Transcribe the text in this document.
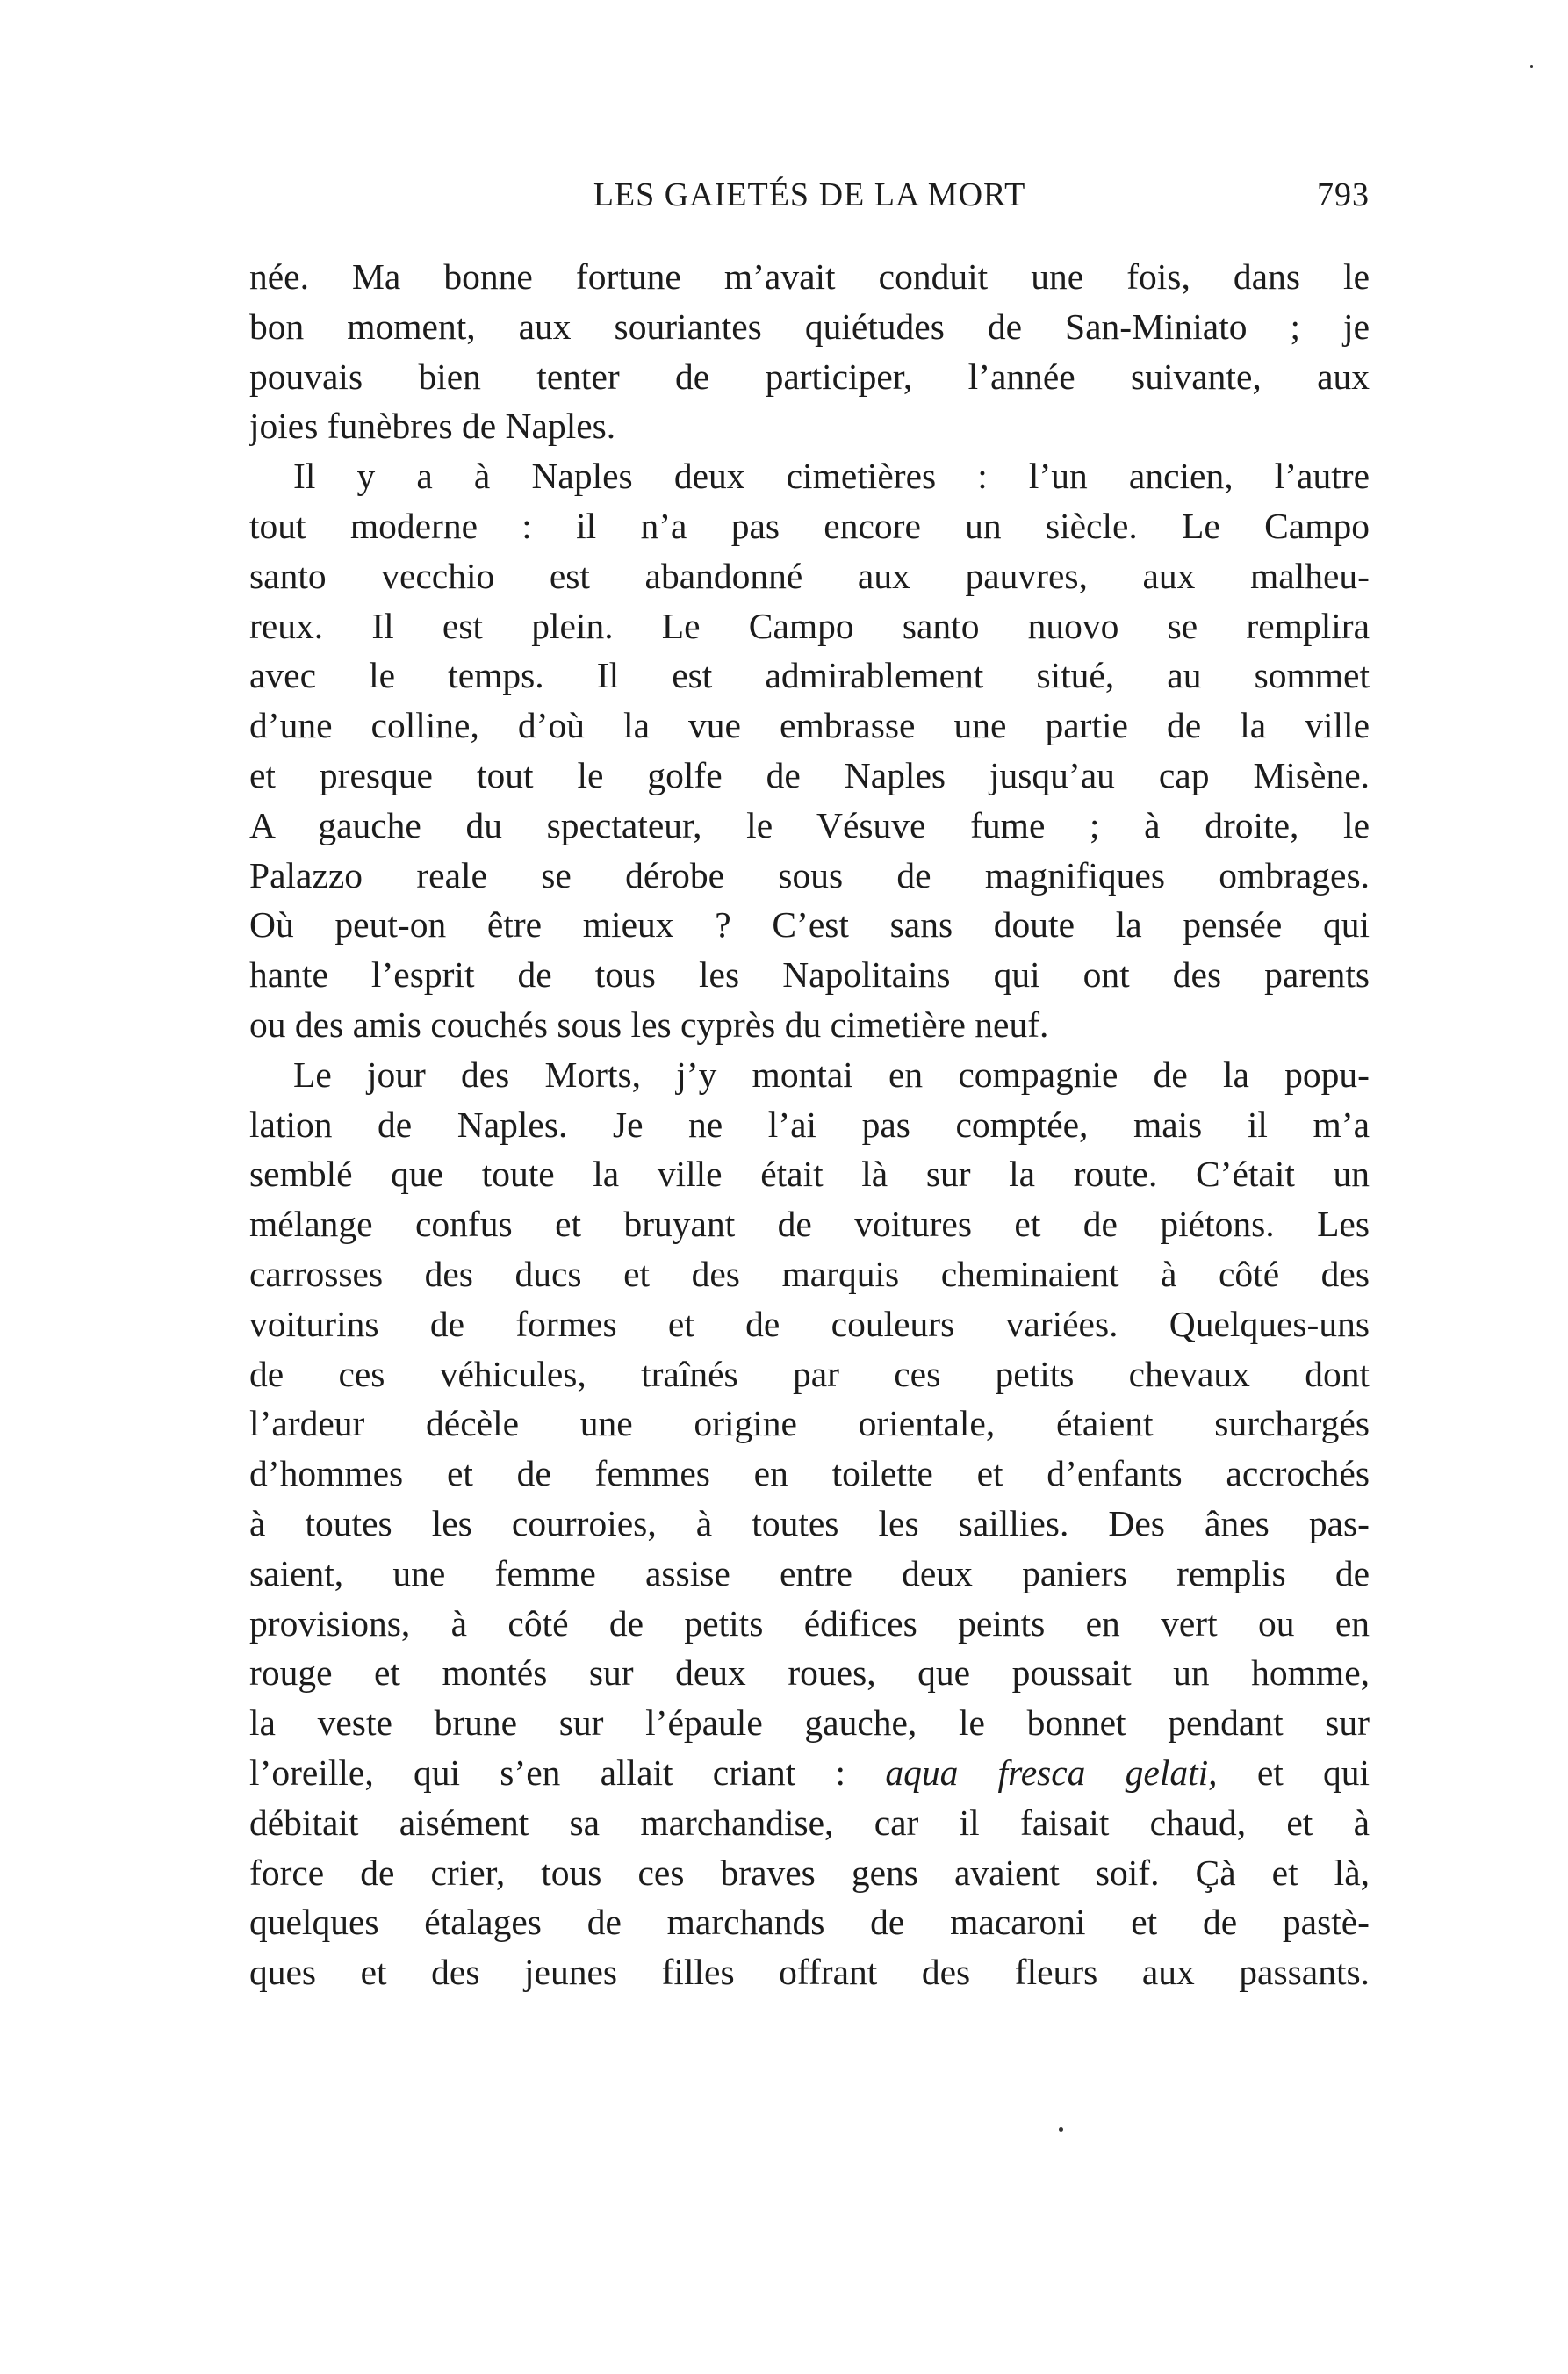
LES GAIETÉS DE LA MORT	793
née. Ma bonne fortune m’avait conduit une fois, dans le
bon moment, aux souriantes quiétudes de San-Miniato ; je
pouvais bien tenter de participer, l’année suivante, aux
joies funèbres de Naples.
Il y a à Naples deux cimetières : l’un ancien, l’autre
tout moderne : il n’a pas encore un siècle. Le Campo
santo vecchio est abandonné aux pauvres, aux malheu-
reux. Il est plein. Le Campo santo nuovo se remplira
avec le temps. Il est admirablement situé, au sommet
d’une colline, d’où la vue embrasse une partie de la ville
et presque tout le golfe de Naples jusqu’au cap Misène.
A gauche du spectateur, le Vésuve fume ; à droite, le
Palazzo reale se dérobe sous de magnifiques ombrages.
Où peut-on être mieux ? C’est sans doute la pensée qui
hante l’esprit de tous les Napolitains qui ont des parents
ou des amis couchés sous les cyprès du cimetière neuf.
Le jour des Morts, j’y montai en compagnie de la popu-
lation de Naples. Je ne l’ai pas comptée, mais il m’a
semblé que toute la ville était là sur la route. C’était un
mélange confus et bruyant de voitures et de piétons. Les
carrosses des ducs et des marquis cheminaient à côté des
voiturins de formes et de couleurs variées. Quelques-uns
de ces véhicules, traînés par ces petits chevaux dont
l’ardeur décèle une origine orientale, étaient surchargés
d’hommes et de femmes en toilette et d’enfants accrochés
à toutes les courroies, à toutes les saillies. Des ânes pas-
saient, une femme assise entre deux paniers remplis de
provisions, à côté de petits édifices peints en vert ou en
rouge et montés sur deux roues, que poussait un homme,
la veste brune sur l’épaule gauche, le bonnet pendant sur
l’oreille, qui s’en allait criant : aqua fresca gelati, et qui
débitait aisément sa marchandise, car il faisait chaud, et à
force de crier, tous ces braves gens avaient soif. Çà et là,
quelques étalages de marchands de macaroni et de pastè-
ques et des jeunes filles offrant des fleurs aux passants.
